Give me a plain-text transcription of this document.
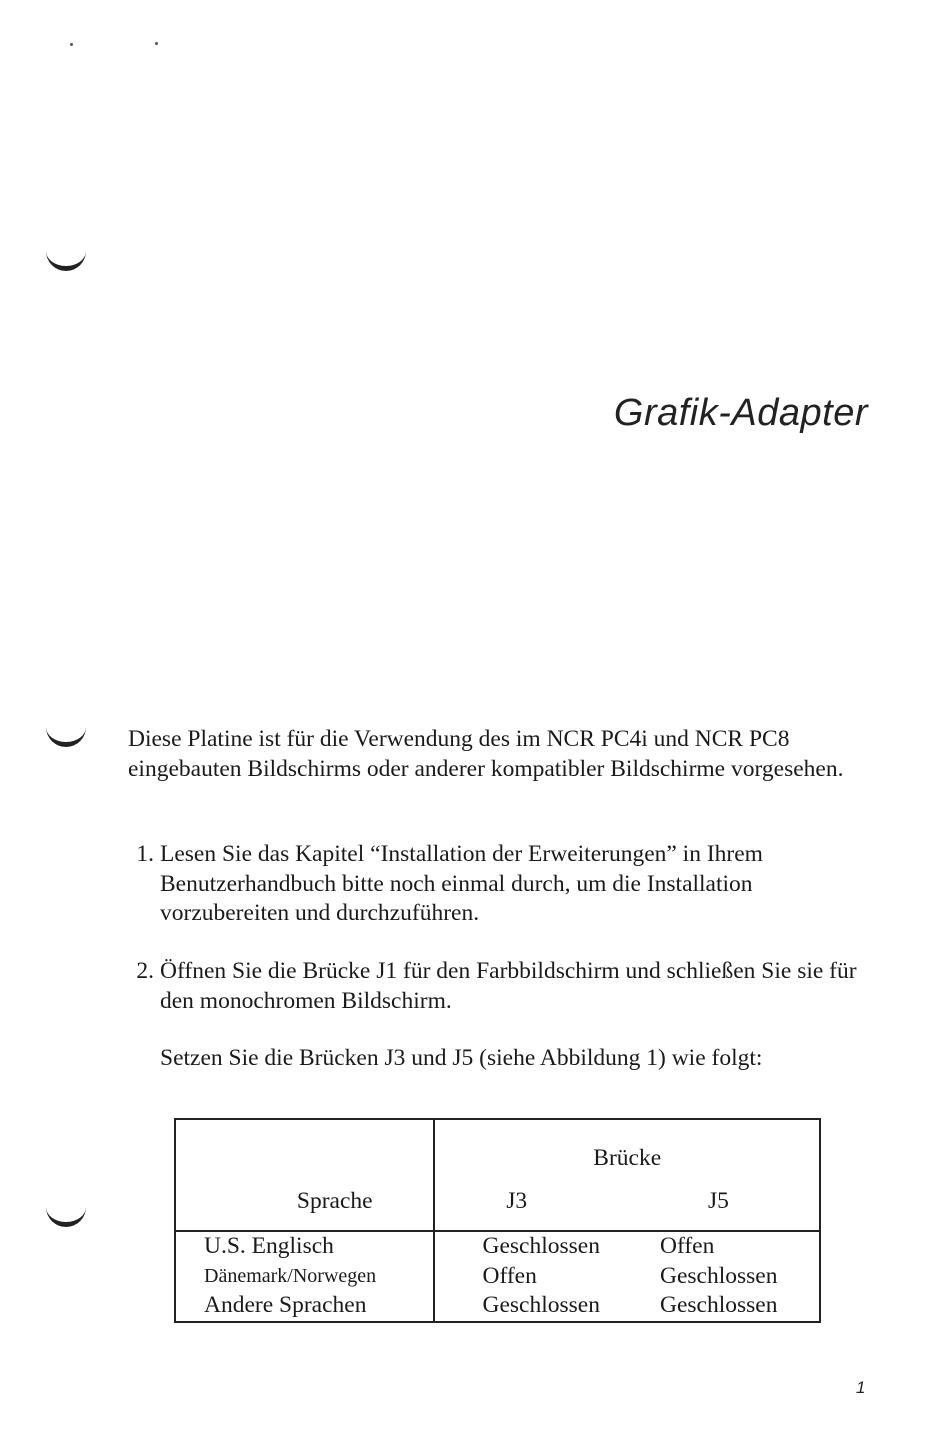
Grafik-Adapter

Diese Platine ist für die Verwendung des im NCR PC4i und NCR PC8 eingebauten Bildschirms oder anderer kompatibler Bildschirme vorgesehen.

1. Lesen Sie das Kapitel “Installation der Erweiterungen” in Ihrem Benutzerhandbuch bitte noch einmal durch, um die Installation vorzubereiten und durchzuführen.
2. Öffnen Sie die Brücke J1 für den Farbbildschirm und schließen Sie sie für den monochromen Bildschirm.

Setzen Sie die Brücken J3 und J5 (siehe Abbildung 1) wie folgt:

	Brücke	
Sprache	J3	J5
U.S. Englisch	Geschlossen	Offen
Dänemark/Norwegen	Offen	Geschlossen
Andere Sprachen	Geschlossen	Geschlossen
1
